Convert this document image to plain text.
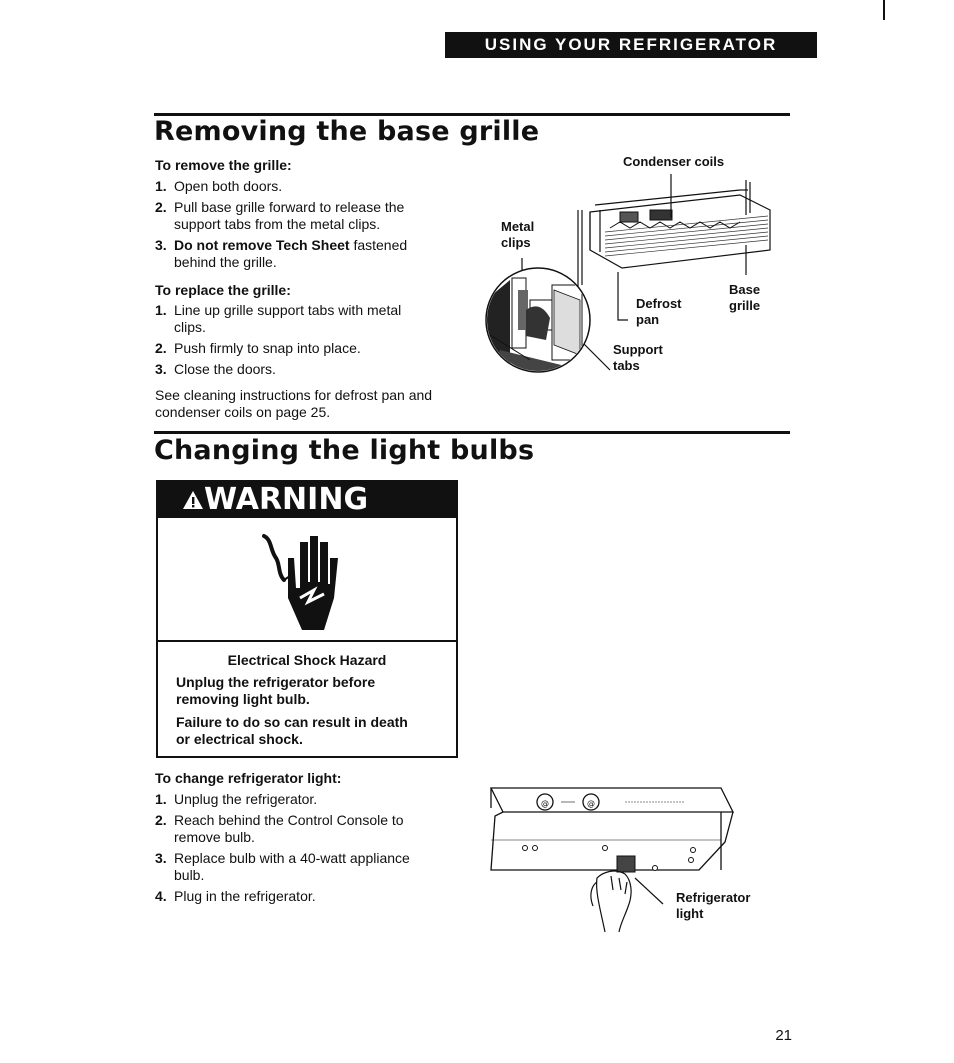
USING YOUR REFRIGERATOR
Removing the base grille
To remove the grille:
1. Open both doors.
2. Pull base grille forward to release the
support tabs from the metal clips.
3. Do not remove Tech Sheet fastened
behind the grille.
To replace the grille:
1. Line up grille support tabs with metal
clips.
2. Push firmly to snap into place.
3. Close the doors.
See cleaning instructions for defrost pan and
condenser coils on page 25.
Condenser coils
Metal
clips
Defrost
pan
Base
grille
Support
tabs
Changing the light bulbs
WARNING
Electrical Shock Hazard
Unplug the refrigerator before
removing light bulb.
Failure to do so can result in death
or electrical shock.
To change refrigerator light:
1. Unplug the refrigerator.
2. Reach behind the Control Console to
remove bulb.
3. Replace bulb with a 40-watt appliance
bulb.
4. Plug in the refrigerator.
@	@
Refrigerator
light
21
